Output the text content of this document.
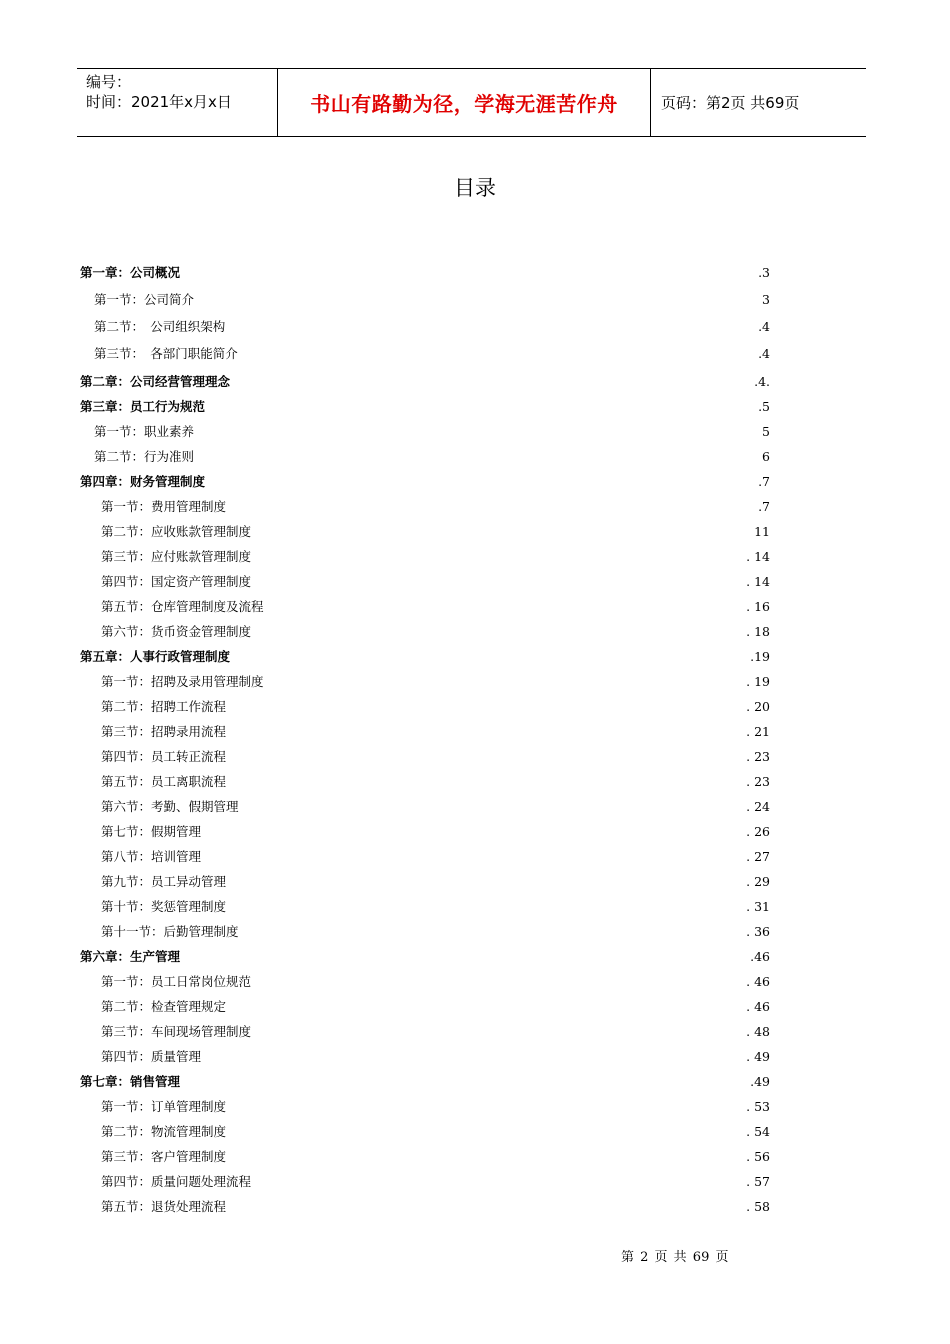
编号：
时间：2021年x月x日	书山有路勤为径，学海无涯苦作舟	页码：第2页 共69页
目录
第一章：公司概况	.3
第一节：公司简介	3
第二节：　公司组织架构	.4
第三节：　各部门职能简介	.4
第二章：公司经营管理理念	.4.
第三章：员工行为规范	.5
第一节：职业素养	5
第二节：行为准则	6
第四章：财务管理制度	.7
第一节：费用管理制度	.7
第二节：应收账款管理制度	11
第三节：应付账款管理制度	. 14
第四节：国定资产管理制度	. 14
第五节：仓库管理制度及流程	. 16
第六节：货币资金管理制度	. 18
第五章：人事行政管理制度	.19
第一节：招聘及录用管理制度	. 19
第二节：招聘工作流程	. 20
第三节：招聘录用流程	. 21
第四节：员工转正流程	. 23
第五节：员工离职流程	. 23
第六节：考勤、假期管理	. 24
第七节：假期管理	. 26
第八节：培训管理	. 27
第九节：员工异动管理	. 29
第十节：奖惩管理制度	. 31
第十一节：后勤管理制度	. 36
第六章：生产管理	.46
第一节：员工日常岗位规范	. 46
第二节：检查管理规定	. 46
第三节：车间现场管理制度	. 48
第四节：质量管理	. 49
第七章：销售管理	.49
第一节：订单管理制度	. 53
第二节：物流管理制度	. 54
第三节：客户管理制度	. 56
第四节：质量问题处理流程	. 57
第五节：退货处理流程	. 58
第 2 页 共 69 页
